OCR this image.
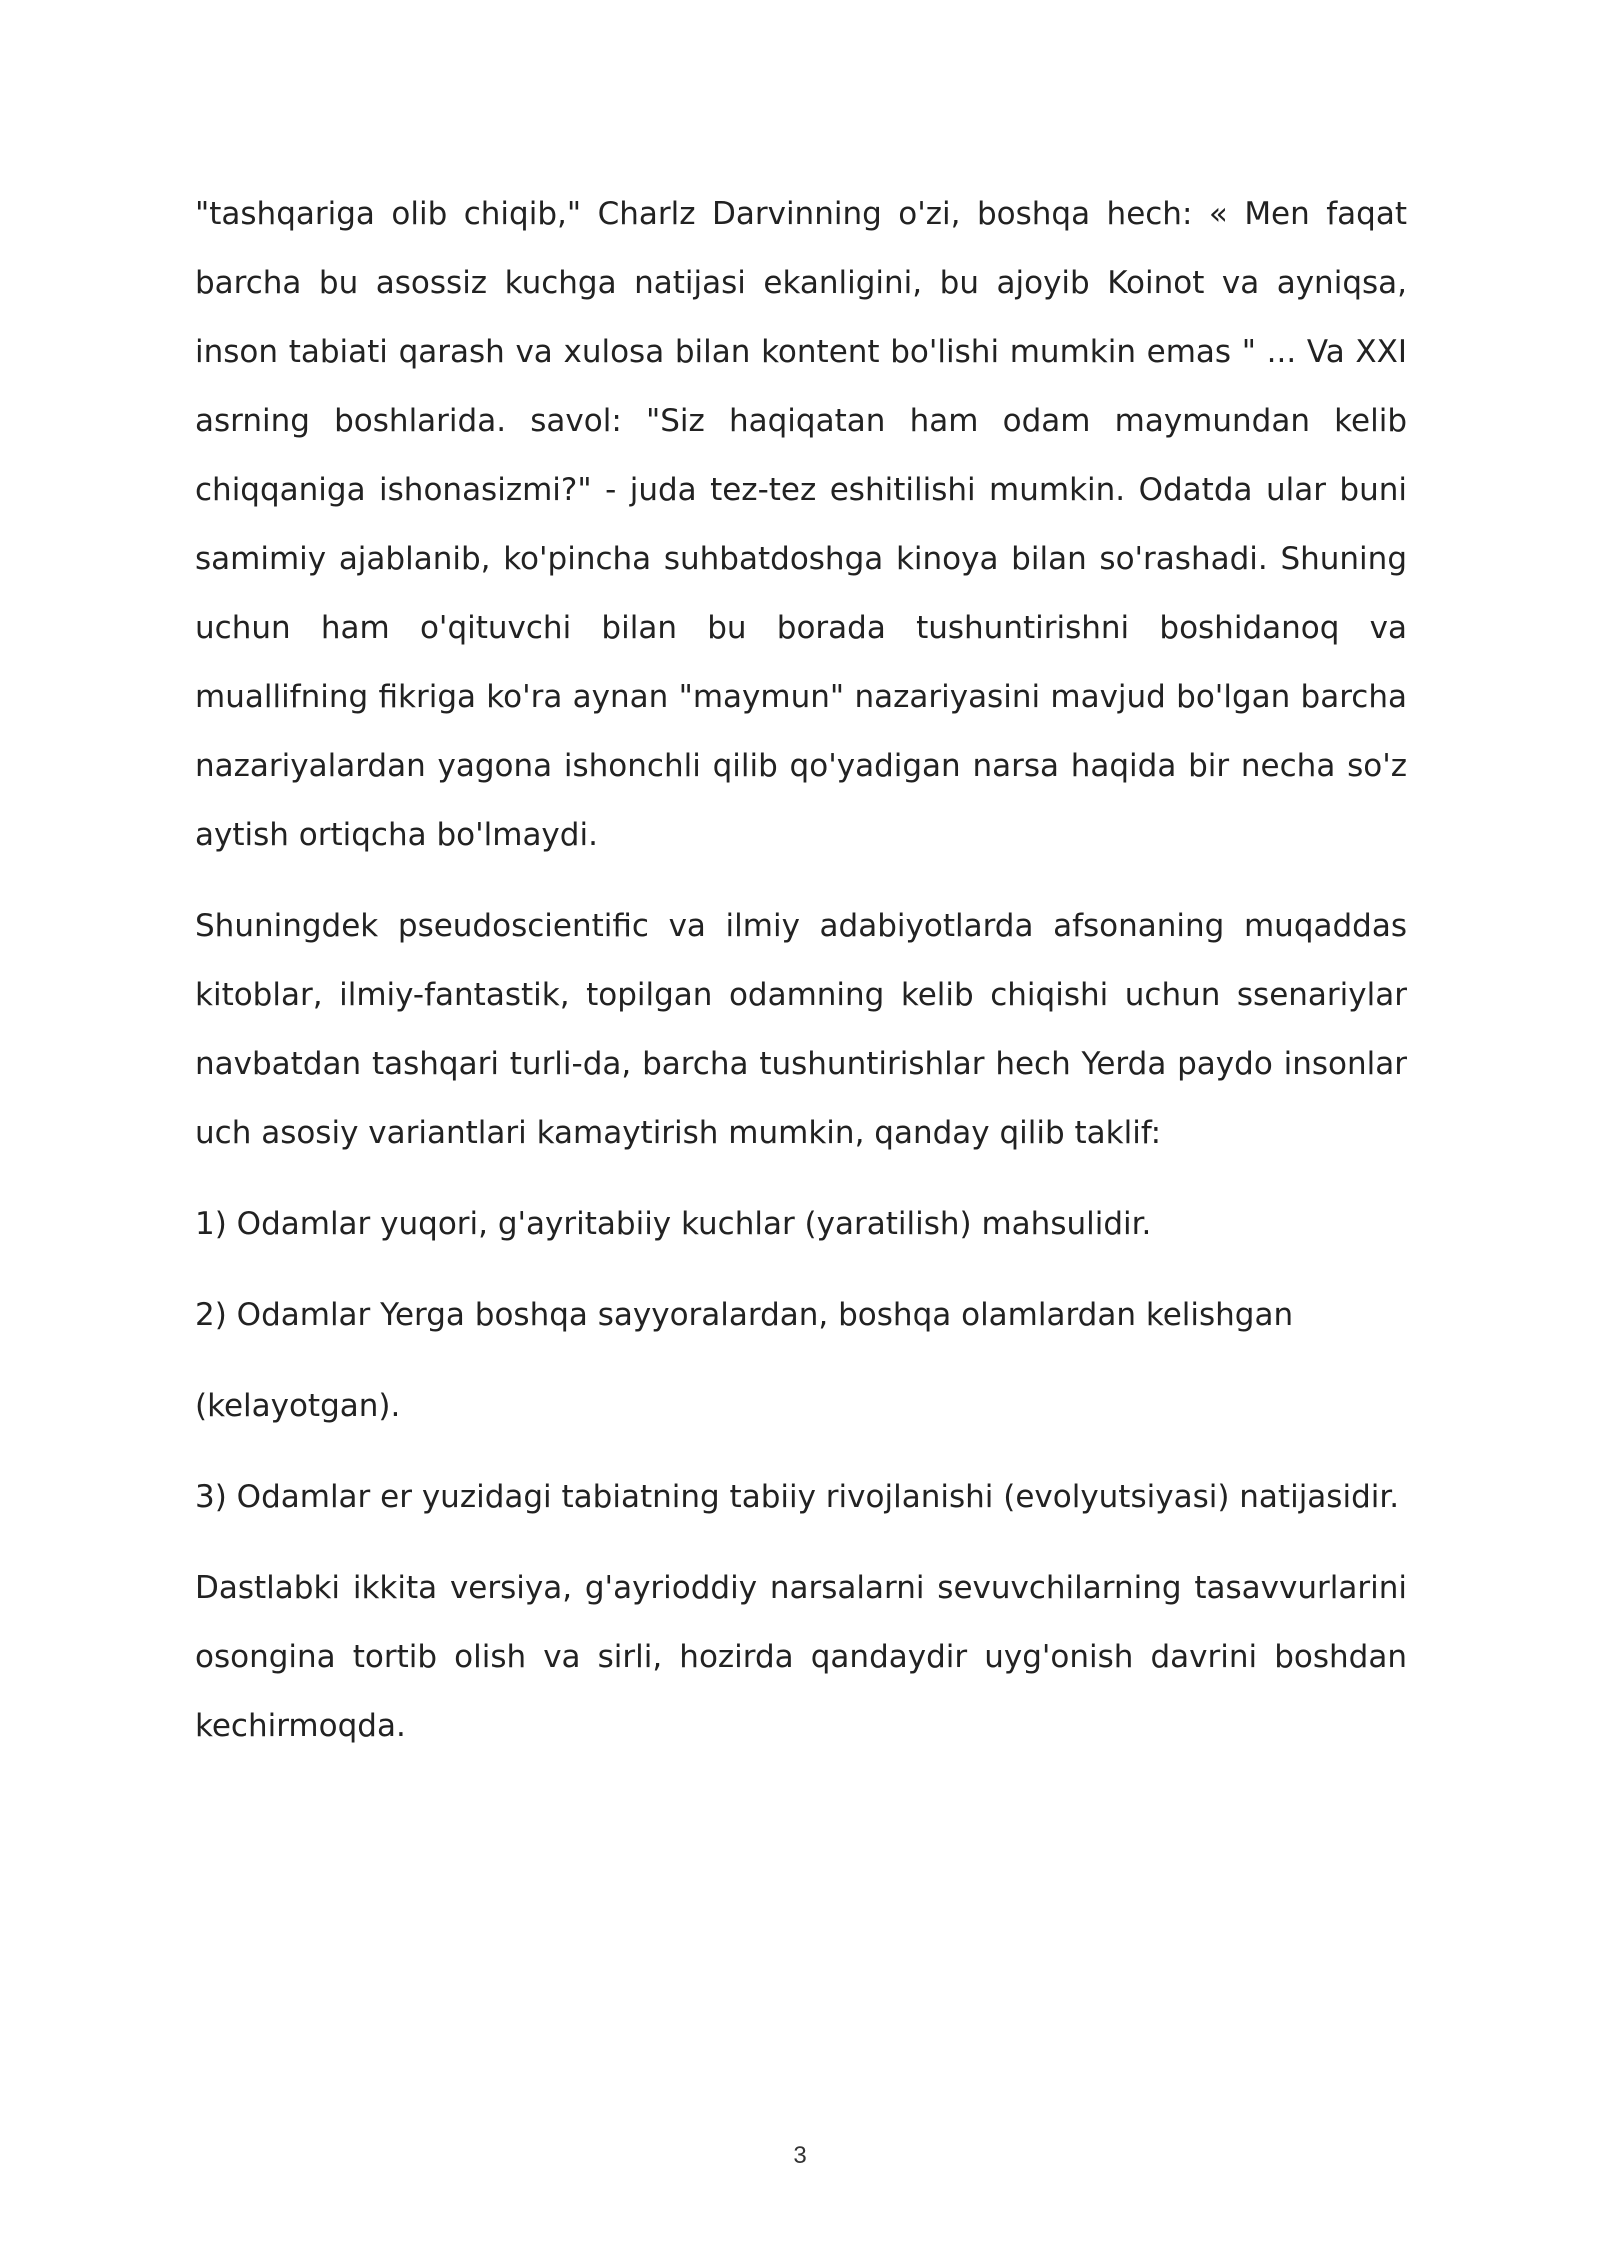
"tashqariga olib chiqib," Charlz Darvinning o'zi, boshqa hech: « Men faqat barcha bu asossiz kuchga natijasi ekanligini, bu ajoyib Koinot va ayniqsa, inson tabiati qarash va xulosa bilan kontent bo'lishi mumkin emas " ... Va XXI asrning boshlarida. savol: "Siz haqiqatan ham odam maymundan kelib chiqqaniga ishonasizmi?" - juda tez-tez eshitilishi mumkin. Odatda ular buni samimiy ajablanib, ko'pincha suhbatdoshga kinoya bilan so'rashadi. Shuning uchun ham o'qituvchi bilan bu borada tushuntirishni boshidanoq va muallifning fikriga ko'ra aynan "maymun" nazariyasini mavjud bo'lgan barcha nazariyalardan yagona ishonchli qilib qo'yadigan narsa haqida bir necha so'z aytish ortiqcha bo'lmaydi.

Shuningdek pseudoscientific va ilmiy adabiyotlarda afsonaning muqaddas kitoblar, ilmiy-fantastik, topilgan odamning kelib chiqishi uchun ssenariylar navbatdan tashqari turli-da, barcha tushuntirishlar hech Yerda paydo insonlar uch asosiy variantlari kamaytirish mumkin, qanday qilib taklif:

1) Odamlar yuqori, g'ayritabiiy kuchlar (yaratilish) mahsulidir.

2) Odamlar Yerga boshqa sayyoralardan, boshqa olamlardan kelishgan

(kelayotgan).

3) Odamlar er yuzidagi tabiatning tabiiy rivojlanishi (evolyutsiyasi) natijasidir.

Dastlabki ikkita versiya, g'ayrioddiy narsalarni sevuvchilarning tasavvurlarini osongina tortib olish va sirli, hozirda qandaydir uyg'onish davrini boshdan kechirmoqda.

3
